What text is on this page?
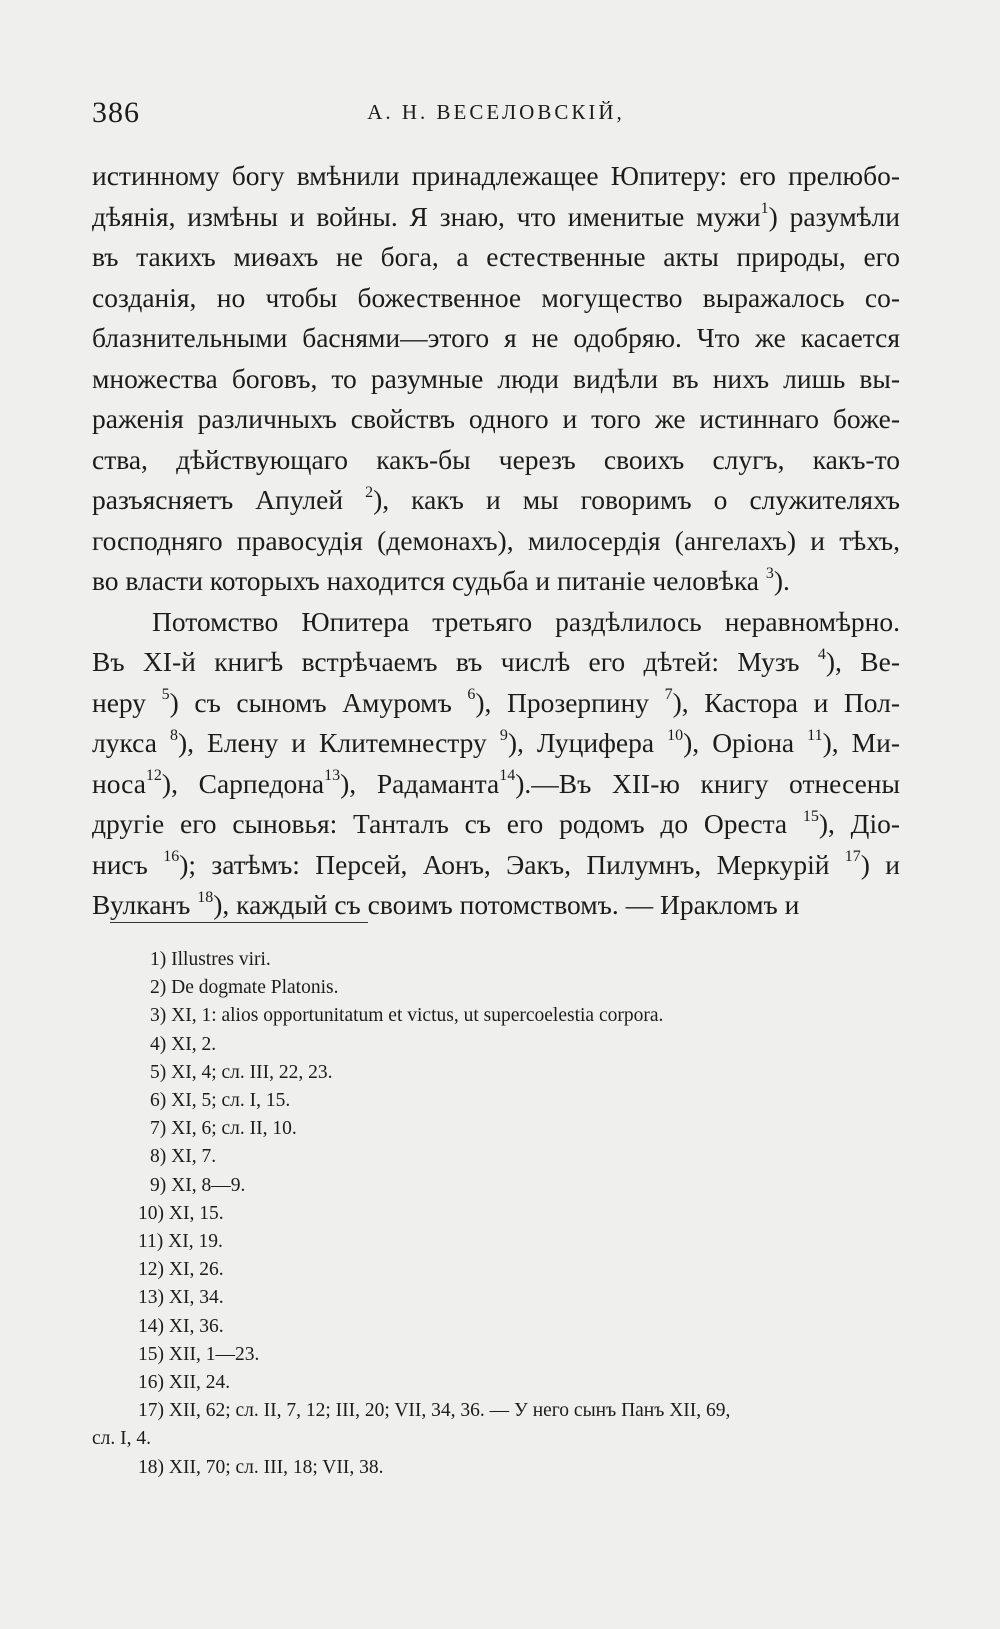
386	А. Н. ВЕСЕЛОВСКІЙ,

истинному богу вмѣнили принадлежащее Юпитеру: его прелюбо-
дѣянія, измѣны и войны. Я знаю, что именитые мужи$^1$) разумѣли
въ такихъ миѳахъ не бога, а естественные акты природы, его
созданія, но чтобы божественное могущество выражалось со-
блазнительными баснями—этого я не одобряю. Что же касается
множества боговъ, то разумные люди видѣли въ нихъ лишь вы-
раженія различныхъ свойствъ одного и того же истиннаго боже-
ства, дѣйствующаго какъ-бы черезъ своихъ слугъ, какъ-то
разъясняетъ Апулей $^2$), какъ и мы говоримъ о служителяхъ
господняго правосудія (демонахъ), милосердія (ангелахъ) и тѣхъ,
во власти которыхъ находится судьба и питаніе человѣка $^3$).

Потомство Юпитера третьяго раздѣлилось неравномѣрно.
Въ XI-й книгѣ встрѣчаемъ въ числѣ его дѣтей: Музъ $^4$), Ве-
неру $^5$) съ сыномъ Амуромъ $^6$), Прозерпину $^7$), Кастора и Пол-
лукса $^8$), Елену и Клитемнестру $^9$), Луцифера $^{10}$), Оріона $^{11}$), Ми-
носа$^{12}$), Сарпедона$^{13}$), Радаманта$^{14}$).—Въ XII-ю книгу отнесены
другіе его сыновья: Танталъ съ его родомъ до Ореста $^{15}$), Діо-
нисъ $^{16}$); затѣмъ: Персей, Аонъ, Эакъ, Пилумнъ, Меркурій $^{17}$) и
Вулканъ $^{18}$), каждый съ своимъ потомствомъ. — Иракломъ и

1) Illustres viri.
2) De dogmate Platonis.
3) XI, 1: alios opportunitatum et victus, ut supercoelestia corpora.
4) XI, 2.
5) XI, 4; сл. III, 22, 23.
6) XI, 5; сл. I, 15.
7) XI, 6; сл. II, 10.
8) XI, 7.
9) XI, 8—9.
10) XI, 15.
11) XI, 19.
12) XI, 26.
13) XI, 34.
14) XI, 36.
15) XII, 1—23.
16) XII, 24.
17) XII, 62; сл. II, 7, 12; III, 20; VII, 34, 36. — У него сынъ Панъ XII, 69,
сл. I, 4.
18) XII, 70; сл. III, 18; VII, 38.
